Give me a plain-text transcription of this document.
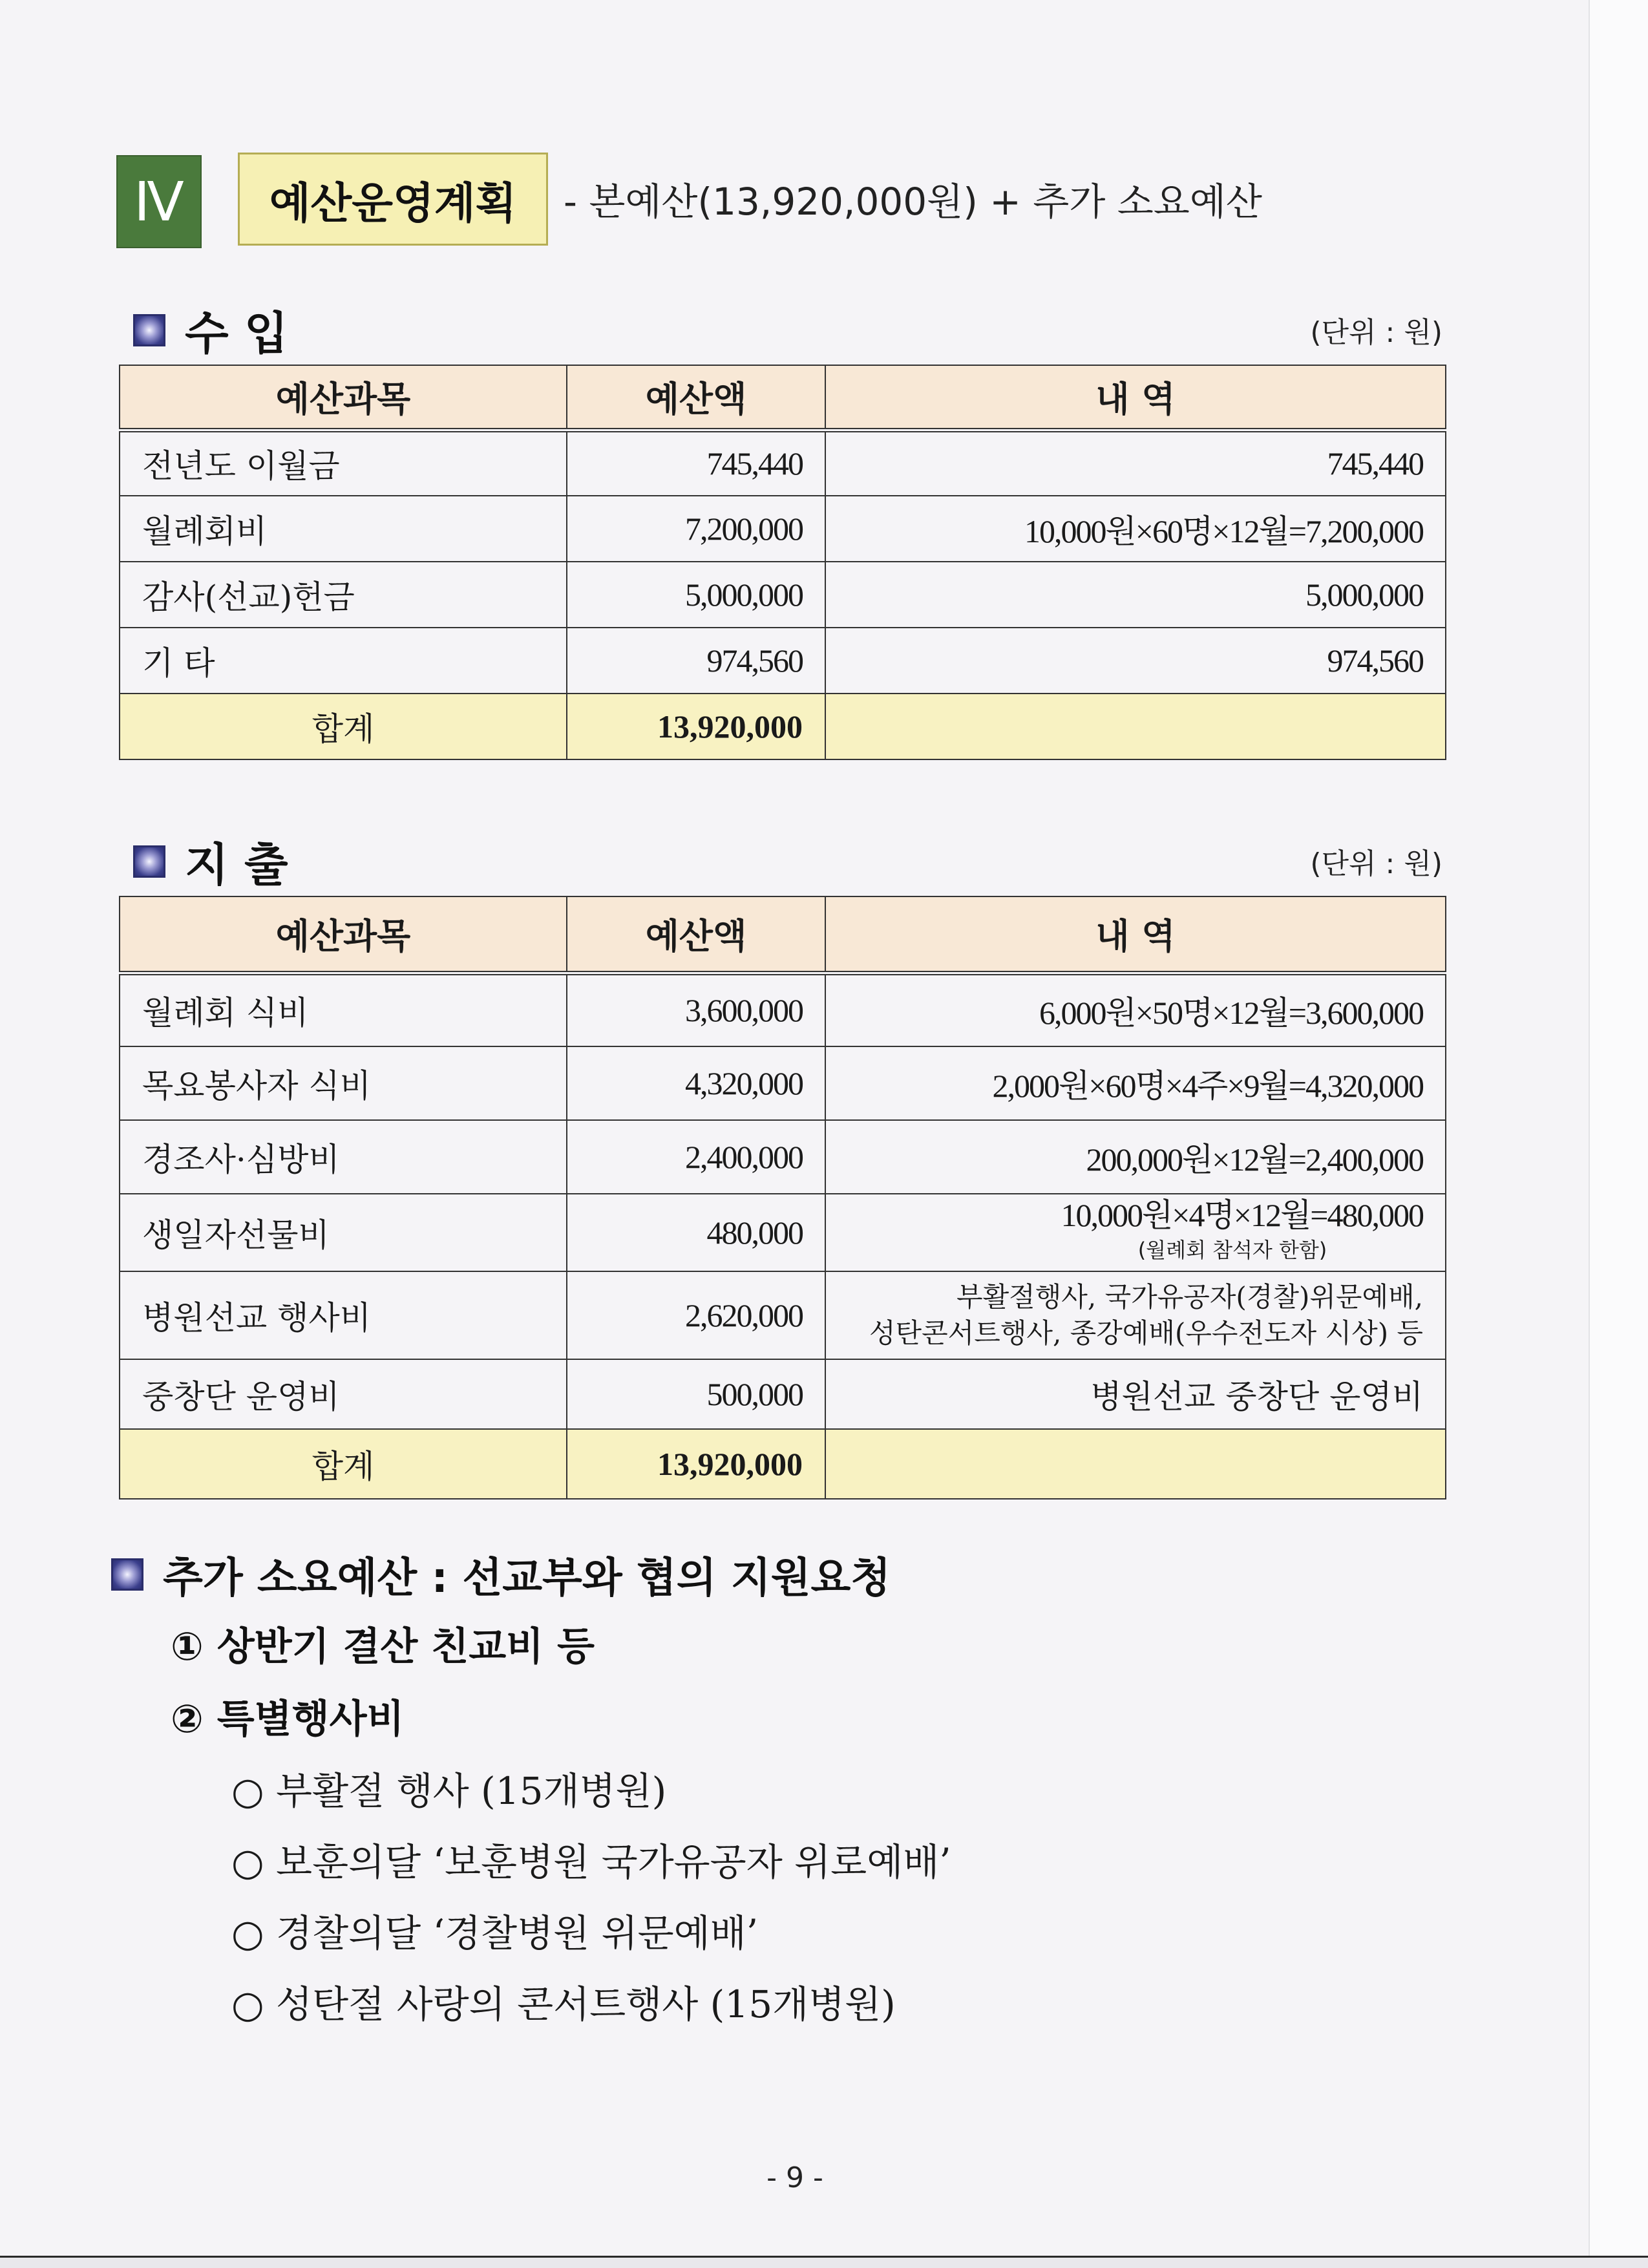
Ⅳ 예산운영계획 - 본예산(13,920,000원) + 추가 소요예산
수 입	(단위 : 원)
예산과목	예산액	내 역
전년도 이월금	745,440	745,440
월례회비	7,200,000	10,000원×60명×12월=7,200,000
감사(선교)헌금	5,000,000	5,000,000
기 타	974,560	974,560
합계	13,920,000	
지 출	(단위 : 원)
예산과목	예산액	내 역
월례회 식비	3,600,000	6,000원×50명×12월=3,600,000
목요봉사자 식비	4,320,000	2,000원×60명×4주×9월=4,320,000
경조사·심방비	2,400,000	200,000원×12월=2,400,000
생일자선물비	480,000	10,000원×4명×12월=480,000
(월례회 참석자 한함)

병원선교 행사비	2,620,000	부활절행사, 국가유공자(경찰)위문예배,
성탄콘서트행사, 종강예배(우수전도자 시상) 등

중창단 운영비	500,000	병원선교 중창단 운영비
합계	13,920,000	
추가 소요예산 : 선교부와 협의 지원요청
① 상반기 결산 친교비 등
② 특별행사비
○ 부활절 행사 (15개병원)
○ 보훈의달 ‘보훈병원 국가유공자 위로예배’
○ 경찰의달 ‘경찰병원 위문예배’
○ 성탄절 사랑의 콘서트행사 (15개병원)
- 9 -
